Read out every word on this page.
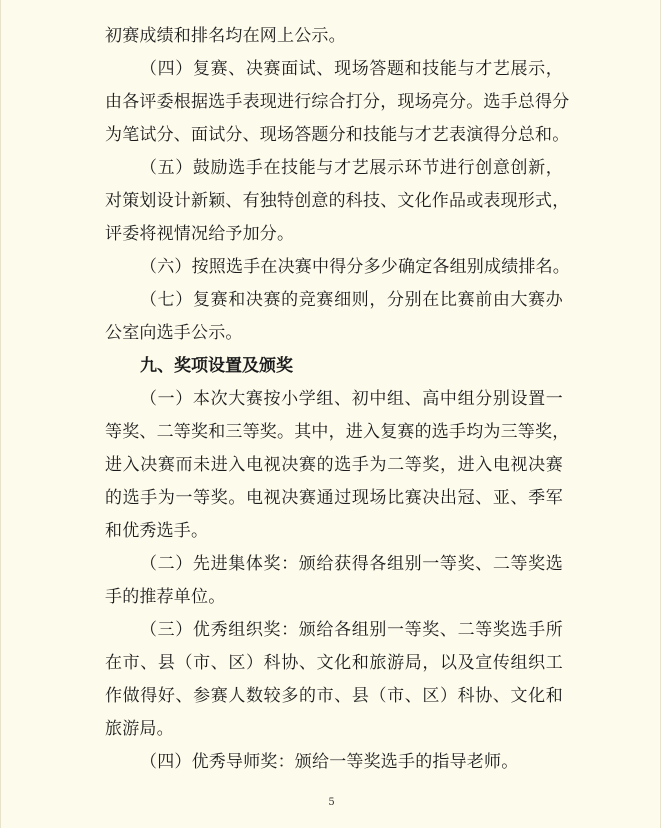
初赛成绩和排名均在网上公示。
（四）复赛、决赛面试、现场答题和技能与才艺展示，
由各评委根据选手表现进行综合打分，现场亮分。选手总得分
为笔试分、面试分、现场答题分和技能与才艺表演得分总和。
（五）鼓励选手在技能与才艺展示环节进行创意创新，
对策划设计新颖、有独特创意的科技、文化作品或表现形式，
评委将视情况给予加分。
（六）按照选手在决赛中得分多少确定各组别成绩排名。
（七）复赛和决赛的竞赛细则，分别在比赛前由大赛办
公室向选手公示。
九、奖项设置及颁奖
（一）本次大赛按小学组、初中组、高中组分别设置一
等奖、二等奖和三等奖。其中，进入复赛的选手均为三等奖，
进入决赛而未进入电视决赛的选手为二等奖，进入电视决赛
的选手为一等奖。电视决赛通过现场比赛决出冠、亚、季军
和优秀选手。
（二）先进集体奖：颁给获得各组别一等奖、二等奖选
手的推荐单位。
（三）优秀组织奖：颁给各组别一等奖、二等奖选手所
在市、县（市、区）科协、文化和旅游局，以及宣传组织工
作做得好、参赛人数较多的市、县（市、区）科协、文化和
旅游局。
（四）优秀导师奖：颁给一等奖选手的指导老师。
5
